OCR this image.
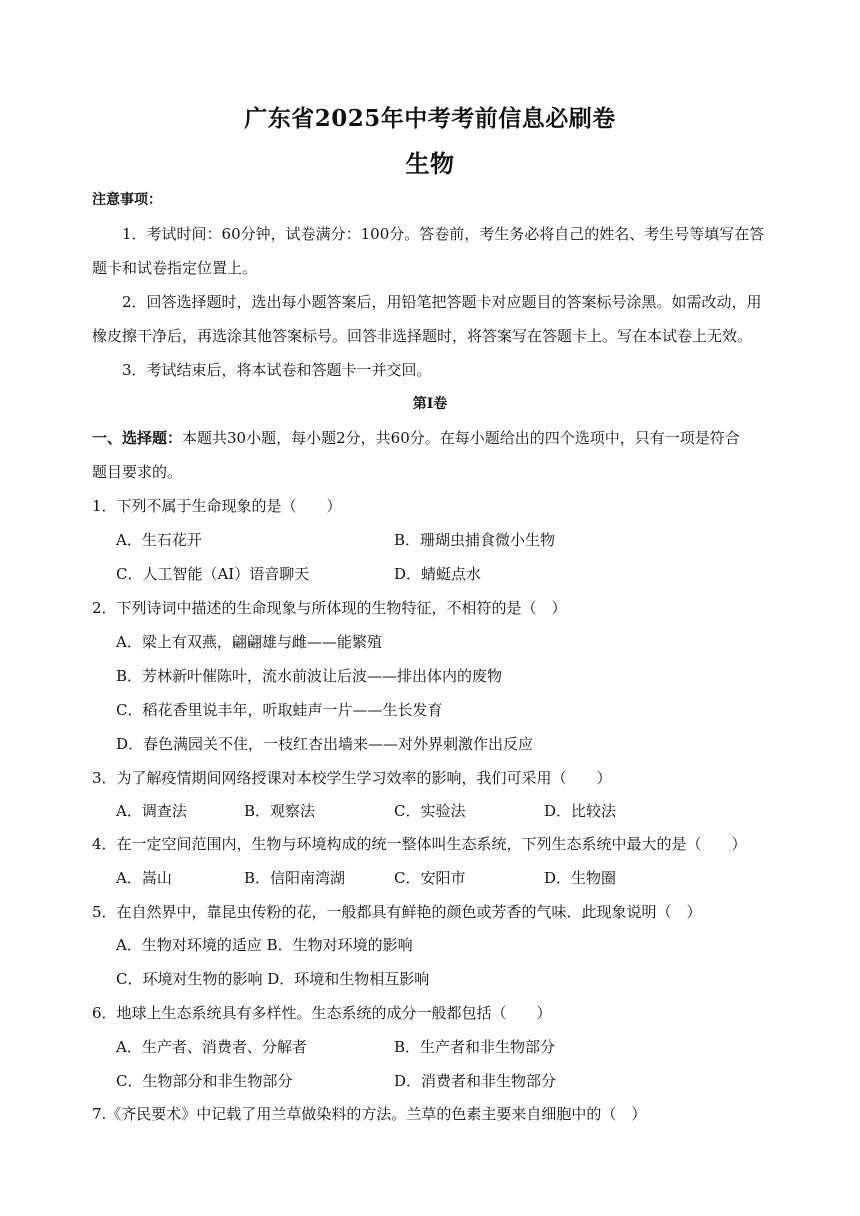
广东省2025年中考考前信息必刷卷
生物
注意事项：
1．考试时间：60分钟，试卷满分：100分。答卷前，考生务必将自己的姓名、考生号等填写在答
题卡和试卷指定位置上。
2．回答选择题时，选出每小题答案后，用铅笔把答题卡对应题目的答案标号涂黑。如需改动，用
橡皮擦干净后，再选涂其他答案标号。回答非选择题时，将答案写在答题卡上。写在本试卷上无效。
3．考试结束后，将本试卷和答题卡一并交回。
第Ⅰ卷
一、选择题：本题共30小题，每小题2分，共60分。在每小题给出的四个选项中，只有一项是符合
题目要求的。
1．下列不属于生命现象的是（　　）
A．生石花开	B．珊瑚虫捕食微小生物
C．人工智能（AI）语音聊天	D．蜻蜓点水
2．下列诗词中描述的生命现象与所体现的生物特征，不相符的是（　）
A．梁上有双燕，翩翩雄与雌——能繁殖
B．芳林新叶催陈叶，流水前波让后波——排出体内的废物
C．稻花香里说丰年，听取蛙声一片——生长发育
D．春色满园关不住，一枝红杏出墙来——对外界刺激作出反应
3．为了解疫情期间网络授课对本校学生学习效率的影响，我们可采用（　　）
A．调查法	B．观察法	C．实验法	D．比较法
4．在一定空间范围内，生物与环境构成的统一整体叫生态系统，下列生态系统中最大的是（　　）
A．嵩山	B．信阳南湾湖	C．安阳市	D．生物圈
5．在自然界中，靠昆虫传粉的花，一般都具有鲜艳的颜色或芳香的气味．此现象说明（　）
A．生物对环境的适应 B．生物对环境的影响
C．环境对生物的影响 D．环境和生物相互影响
6．地球上生态系统具有多样性。生态系统的成分一般都包括（　　）
A．生产者、消费者、分解者	B．生产者和非生物部分
C．生物部分和非生物部分	D．消费者和非生物部分
7.《齐民要术》中记载了用兰草做染料的方法。兰草的色素主要来自细胞中的（　）
